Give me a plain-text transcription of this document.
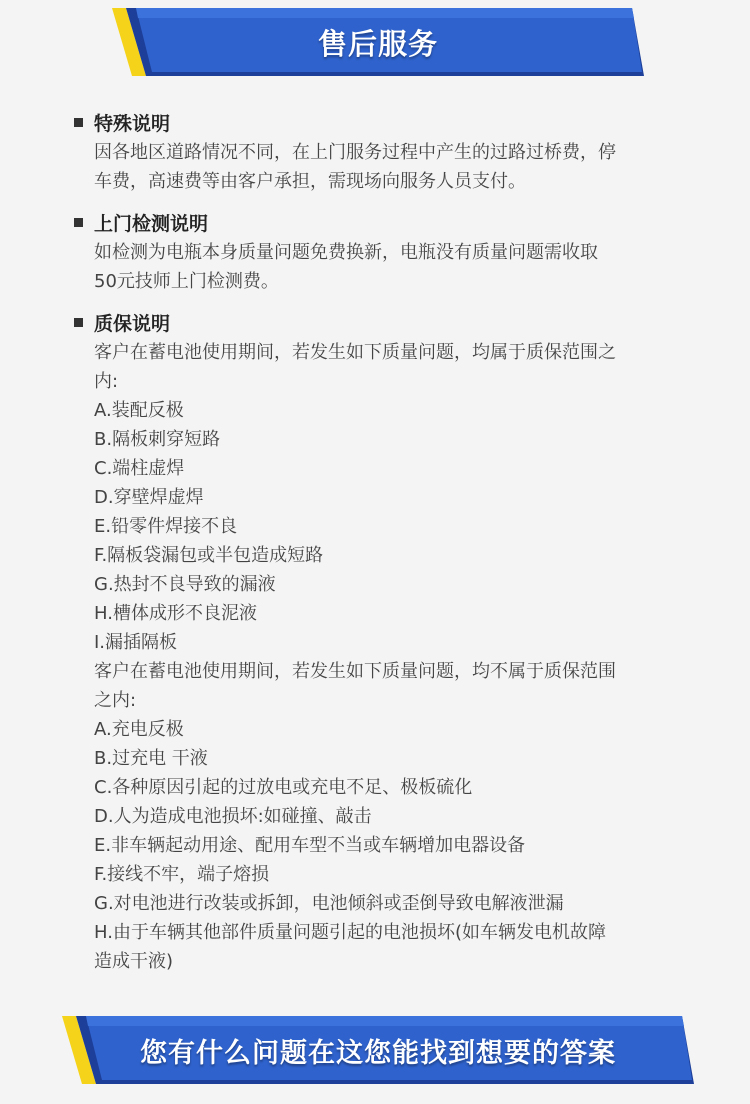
售后服务
特殊说明
因各地区道路情况不同，在上门服务过程中产生的过路过桥费，停
车费，高速费等由客户承担，需现场向服务人员支付。
上门检测说明
如检测为电瓶本身质量问题免费换新，电瓶没有质量问题需收取
50元技师上门检测费。
质保说明
客户在蓄电池使用期间，若发生如下质量问题，均属于质保范围之
内:
A.装配反极
B.隔板刺穿短路
C.端柱虚焊
D.穿壁焊虚焊
E.铅零件焊接不良
F.隔板袋漏包或半包造成短路
G.热封不良导致的漏液
H.槽体成形不良泥液
I.漏插隔板
客户在蓄电池使用期间，若发生如下质量问题，均不属于质保范围
之内:
A.充电反极
B.过充电 干液
C.各种原因引起的过放电或充电不足、极板硫化
D.人为造成电池损坏:如碰撞、敲击
E.非车辆起动用途、配用车型不当或车辆增加电器设备
F.接线不牢，端子熔损
G.对电池进行改装或拆卸，电池倾斜或歪倒导致电解液泄漏
H.由于车辆其他部件质量问题引起的电池损坏(如车辆发电机故障
造成干液)
您有什么问题在这您能找到想要的答案
